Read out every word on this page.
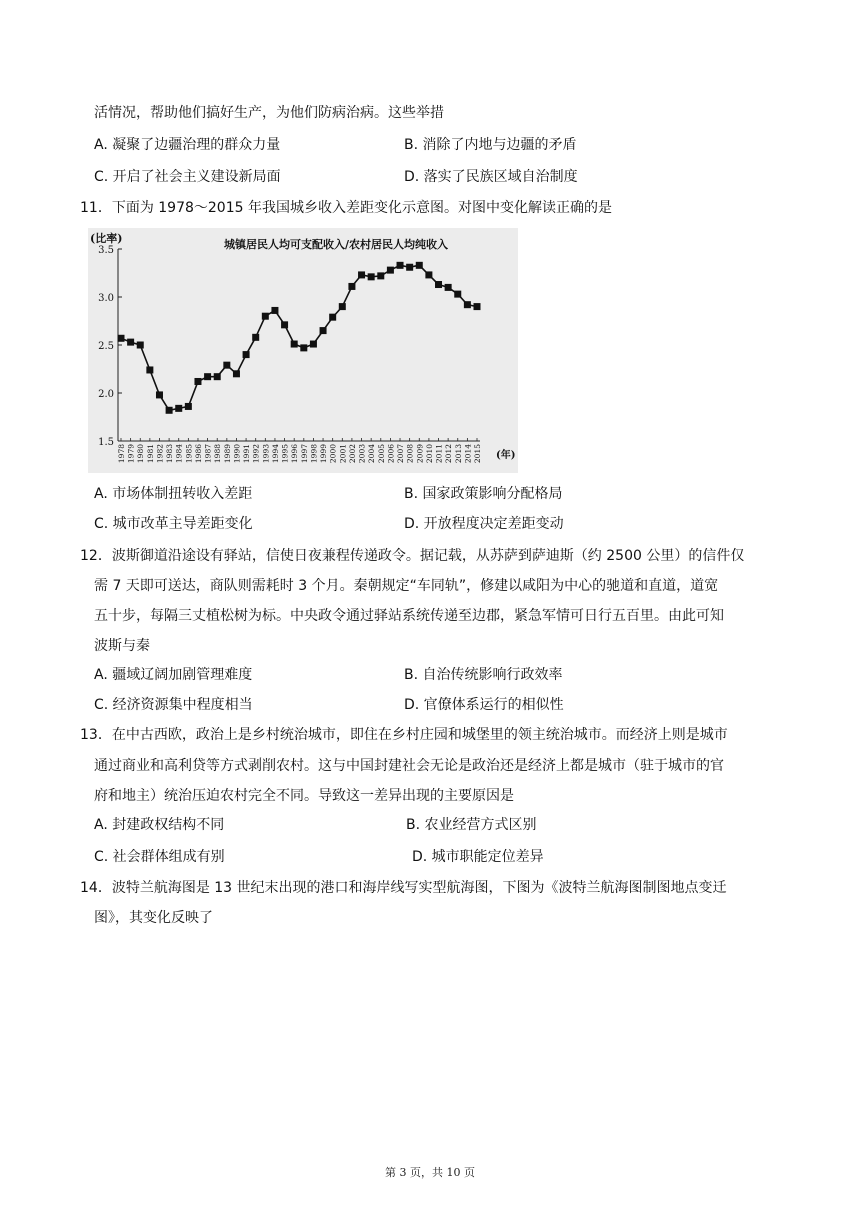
活情况，帮助他们搞好生产，为他们防病治病。这些举措
A. 凝聚了边疆治理的群众力量	B. 消除了内地与边疆的矛盾
C. 开启了社会主义建设新局面	D. 落实了民族区域自治制度
11．下面为 1978～2015 年我国城乡收入差距变化示意图。对图中变化解读正确的是
(比率)	城镇居民人均可支配收入/农村居民人均纯收入
(年)
1.5
2.0
2.5
3.0
3.5
1978 1979 1980 1981 1982 1983 1984 1985 1986 1987 1988 1989 1990 1991 1992 1993 1994 1995 1996 1997 1998 1999 2000 2001 2002 2003 2004 2005 2006 2007 2008 2009 2010 2011 2012 2013 2014 2015
A. 市场体制扭转收入差距	B. 国家政策影响分配格局
C. 城市改革主导差距变化	D. 开放程度决定差距变动
12．波斯御道沿途设有驿站，信使日夜兼程传递政令。据记载，从苏萨到萨迪斯（约 2500 公里）的信件仅
需 7 天即可送达，商队则需耗时 3 个月。秦朝规定“车同轨”，修建以咸阳为中心的驰道和直道，道宽
五十步，每隔三丈植松树为标。中央政令通过驿站系统传递至边郡，紧急军情可日行五百里。由此可知
波斯与秦
A. 疆域辽阔加剧管理难度	B. 自治传统影响行政效率
C. 经济资源集中程度相当	D. 官僚体系运行的相似性
13．在中古西欧，政治上是乡村统治城市，即住在乡村庄园和城堡里的领主统治城市。而经济上则是城市
通过商业和高利贷等方式剥削农村。这与中国封建社会无论是政治还是经济上都是城市（驻于城市的官
府和地主）统治压迫农村完全不同。导致这一差异出现的主要原因是
A. 封建政权结构不同	B. 农业经营方式区别
C. 社会群体组成有别	D. 城市职能定位差异
14．波特兰航海图是 13 世纪末出现的港口和海岸线写实型航海图，下图为《波特兰航海图制图地点变迁
图》，其变化反映了
第 3 页，共 10 页
